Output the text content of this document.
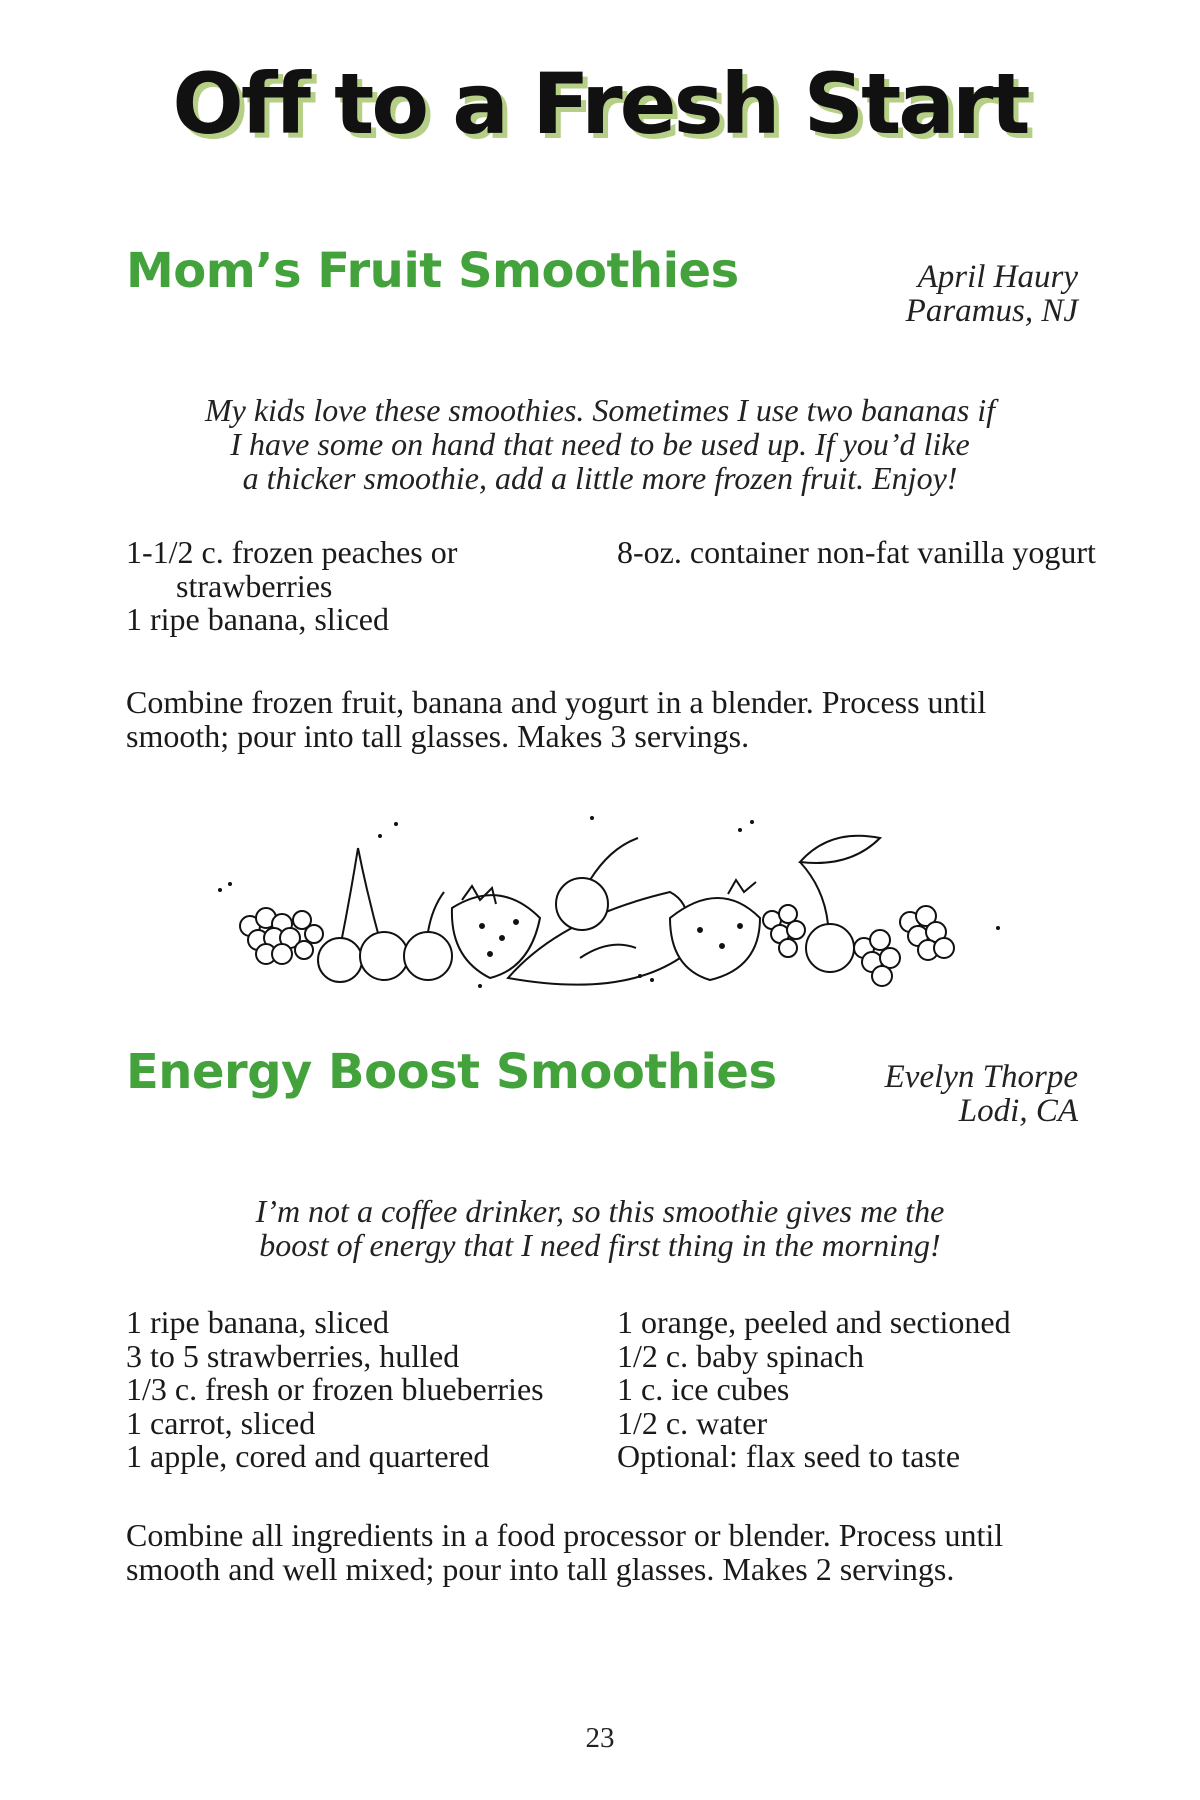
Off to a Fresh Start
Mom’s Fruit Smoothies	April Haury
Paramus, NJ
My kids love these smoothies. Sometimes I use two bananas if
I have some on hand that need to be used up. If you’d like
a thicker smoothie, add a little more frozen fruit. Enjoy!
1-1/2 c. frozen peaches or strawberries
1 ripe banana, sliced
8-oz. container non-fat vanilla yogurt
Combine frozen fruit, banana and yogurt in a blender. Process until smooth; pour into tall glasses. Makes 3 servings.
Energy Boost Smoothies	Evelyn Thorpe
Lodi, CA
I’m not a coffee drinker, so this smoothie gives me the
boost of energy that I need first thing in the morning!
1 ripe banana, sliced
3 to 5 strawberries, hulled
1/3 c. fresh or frozen blueberries
1 carrot, sliced
1 apple, cored and quartered
1 orange, peeled and sectioned
1/2 c. baby spinach
1 c. ice cubes
1/2 c. water
Optional: flax seed to taste
Combine all ingredients in a food processor or blender. Process until smooth and well mixed; pour into tall glasses. Makes 2 servings.
23
